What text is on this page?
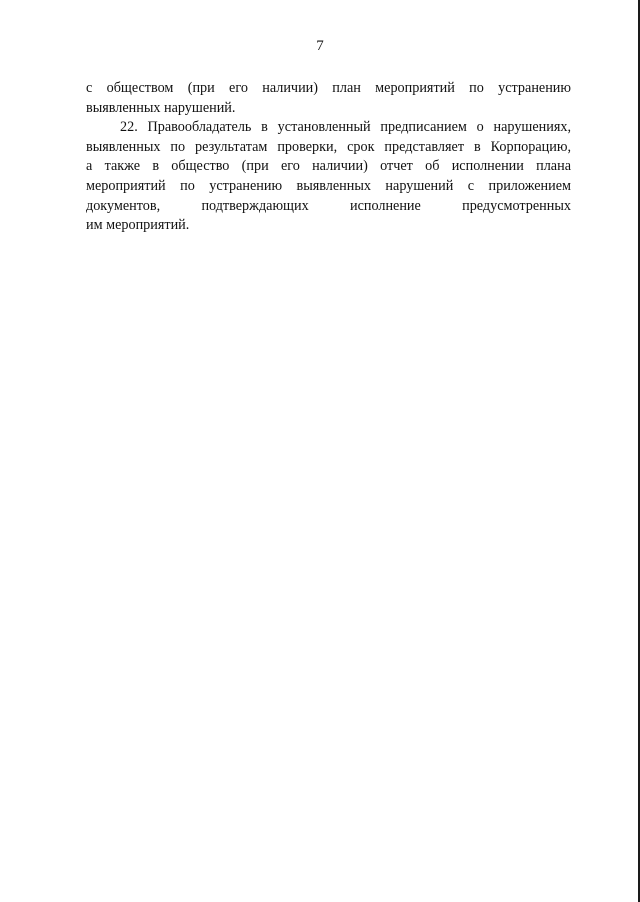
7
с обществом (при его наличии) план мероприятий по устранению
выявленных нарушений.
22. Правообладатель в установленный предписанием о нарушениях,
выявленных по результатам проверки, срок представляет в Корпорацию,
а также в общество (при его наличии) отчет об исполнении плана
мероприятий по устранению выявленных нарушений с приложением
документов, подтверждающих исполнение предусмотренных
им мероприятий.
